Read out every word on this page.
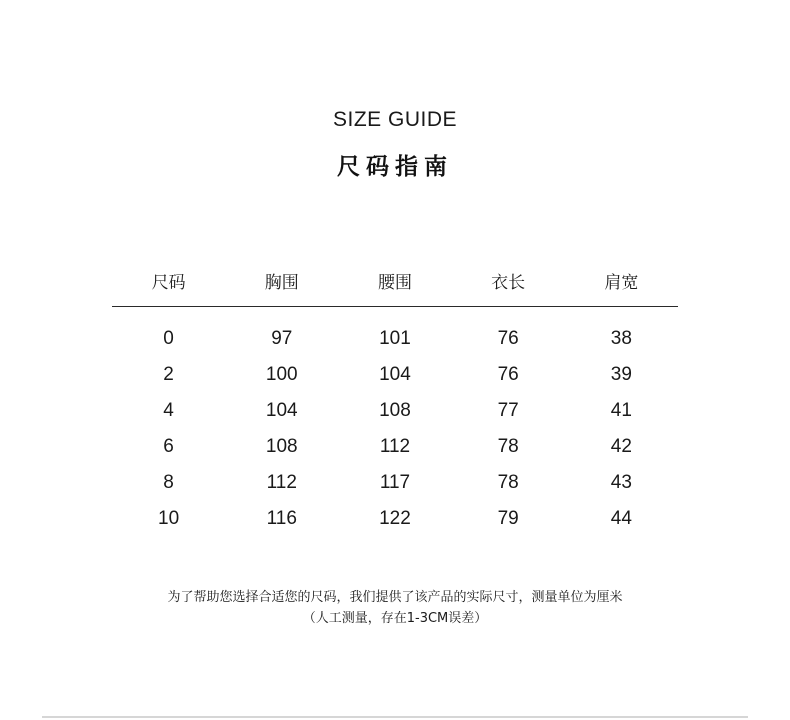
SIZE GUIDE
尺码指南
尺码	胸围	腰围	衣长	肩宽
0	97	101	76	38
2	100	104	76	39
4	104	108	77	41
6	108	112	78	42
8	112	117	78	43
10	116	122	79	44
为了帮助您选择合适您的尺码，我们提供了该产品的实际尺寸，测量单位为厘米
（人工测量，存在1-3CM误差）
